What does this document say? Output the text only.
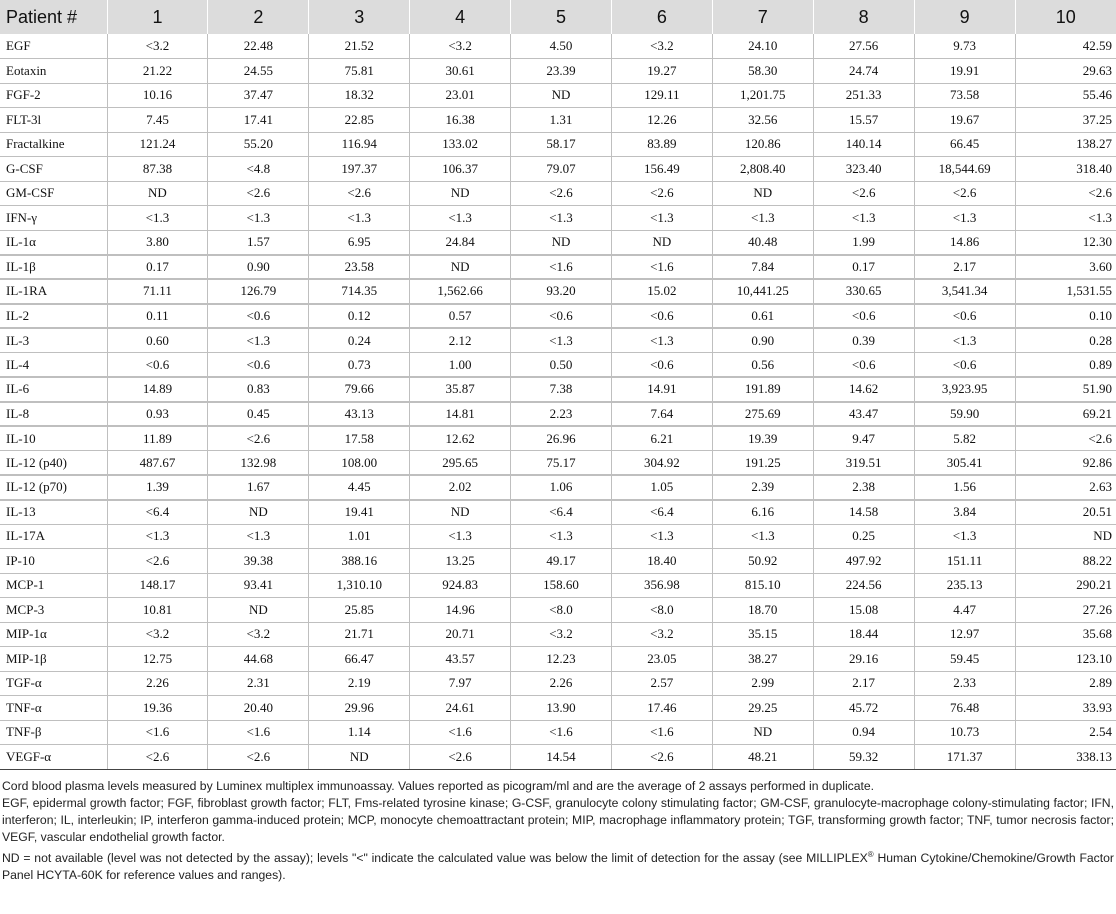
Patient #	1	2	3	4	5	6	7	8	9	10
EGF	<3.2	22.48	21.52	<3.2	4.50	<3.2	24.10	27.56	9.73	42.59
Eotaxin	21.22	24.55	75.81	30.61	23.39	19.27	58.30	24.74	19.91	29.63
FGF-2	10.16	37.47	18.32	23.01	ND	129.11	1,201.75	251.33	73.58	55.46
FLT-3l	7.45	17.41	22.85	16.38	1.31	12.26	32.56	15.57	19.67	37.25
Fractalkine	121.24	55.20	116.94	133.02	58.17	83.89	120.86	140.14	66.45	138.27
G-CSF	87.38	<4.8	197.37	106.37	79.07	156.49	2,808.40	323.40	18,544.69	318.40
GM-CSF	ND	<2.6	<2.6	ND	<2.6	<2.6	ND	<2.6	<2.6	<2.6
IFN-γ	<1.3	<1.3	<1.3	<1.3	<1.3	<1.3	<1.3	<1.3	<1.3	<1.3
IL-1α	3.80	1.57	6.95	24.84	ND	ND	40.48	1.99	14.86	12.30
IL-1β	0.17	0.90	23.58	ND	<1.6	<1.6	7.84	0.17	2.17	3.60
IL-1RA	71.11	126.79	714.35	1,562.66	93.20	15.02	10,441.25	330.65	3,541.34	1,531.55
IL-2	0.11	<0.6	0.12	0.57	<0.6	<0.6	0.61	<0.6	<0.6	0.10
IL-3	0.60	<1.3	0.24	2.12	<1.3	<1.3	0.90	0.39	<1.3	0.28
IL-4	<0.6	<0.6	0.73	1.00	0.50	<0.6	0.56	<0.6	<0.6	0.89
IL-6	14.89	0.83	79.66	35.87	7.38	14.91	191.89	14.62	3,923.95	51.90
IL-8	0.93	0.45	43.13	14.81	2.23	7.64	275.69	43.47	59.90	69.21
IL-10	11.89	<2.6	17.58	12.62	26.96	6.21	19.39	9.47	5.82	<2.6
IL-12 (p40)	487.67	132.98	108.00	295.65	75.17	304.92	191.25	319.51	305.41	92.86
IL-12 (p70)	1.39	1.67	4.45	2.02	1.06	1.05	2.39	2.38	1.56	2.63
IL-13	<6.4	ND	19.41	ND	<6.4	<6.4	6.16	14.58	3.84	20.51
IL-17A	<1.3	<1.3	1.01	<1.3	<1.3	<1.3	<1.3	0.25	<1.3	ND
IP-10	<2.6	39.38	388.16	13.25	49.17	18.40	50.92	497.92	151.11	88.22
MCP-1	148.17	93.41	1,310.10	924.83	158.60	356.98	815.10	224.56	235.13	290.21
MCP-3	10.81	ND	25.85	14.96	<8.0	<8.0	18.70	15.08	4.47	27.26
MIP-1α	<3.2	<3.2	21.71	20.71	<3.2	<3.2	35.15	18.44	12.97	35.68
MIP-1β	12.75	44.68	66.47	43.57	12.23	23.05	38.27	29.16	59.45	123.10
TGF-α	2.26	2.31	2.19	7.97	2.26	2.57	2.99	2.17	2.33	2.89
TNF-α	19.36	20.40	29.96	24.61	13.90	17.46	29.25	45.72	76.48	33.93
TNF-β	<1.6	<1.6	1.14	<1.6	<1.6	<1.6	ND	0.94	10.73	2.54
VEGF-α	<2.6	<2.6	ND	<2.6	14.54	<2.6	48.21	59.32	171.37	338.13

Cord blood plasma levels measured by Luminex multiplex immunoassay. Values reported as picogram/ml and are the average of 2 assays performed in duplicate.

EGF, epidermal growth factor; FGF, fibroblast growth factor; FLT, Fms-related tyrosine kinase; G-CSF, granulocyte colony stimulating factor; GM-CSF, granulocyte-macrophage colony-stimulating factor; IFN, interferon; IL, interleukin; IP, interferon gamma-induced protein; MCP, monocyte chemoattractant protein; MIP, macrophage inflammatory protein; TGF, transforming growth factor; TNF, tumor necrosis factor; VEGF, vascular endothelial growth factor.

ND = not available (level was not detected by the assay); levels "<" indicate the calculated value was below the limit of detection for the assay (see MILLIPLEX® Human Cytokine/Chemokine/Growth Factor Panel HCYTA-60K for reference values and ranges).
